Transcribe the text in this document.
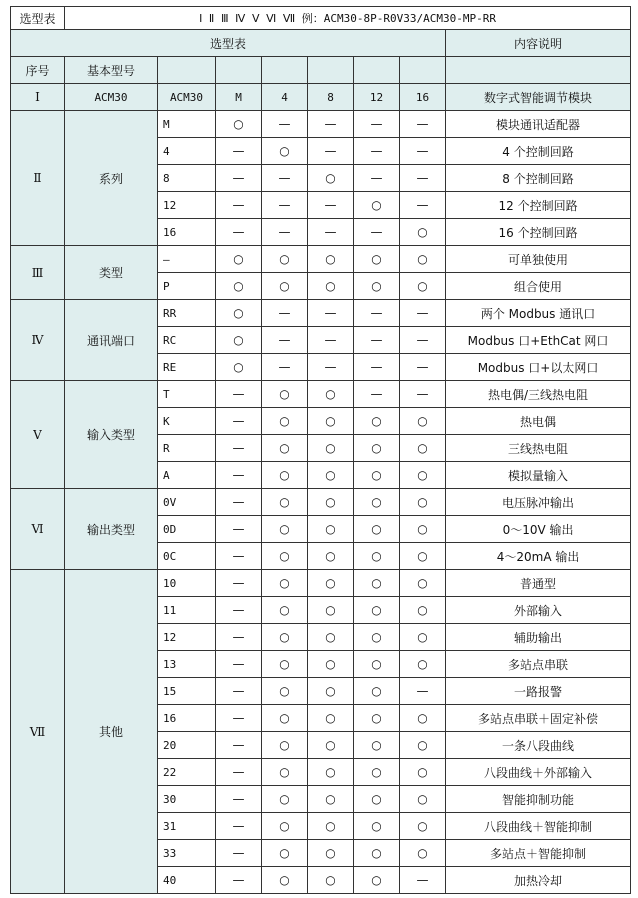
选型表	Ⅰ Ⅱ Ⅲ Ⅳ Ⅴ Ⅵ Ⅶ 例：ACM30-8P-R0V33/ACM30-MP-RR							
选型表								内容说明
序号	基本型号							
Ⅰ	ACM30	ACM30	M	4	8	12	16	数字式智能调节模块
Ⅱ	系列	M	○	—	—	—	—	模块通讯适配器
		4	—	○	—	—	—	4 个控制回路
		8	—	—	○	—	—	8 个控制回路
		12	—	—	—	○	—	12 个控制回路
		16	—	—	—	—	○	16 个控制回路
Ⅲ	类型	—	○	○	○	○	○	可单独使用
		P	○	○	○	○	○	组合使用
Ⅳ	通讯端口	RR	○	—	—	—	—	两个 Modbus 通讯口
		RC	○	—	—	—	—	Modbus 口+EthCat 网口
		RE	○	—	—	—	—	Modbus 口+以太网口
Ⅴ	输入类型	T	—	○	○	—	—	热电偶/三线热电阻
		K	—	○	○	○	○	热电偶
		R	—	○	○	○	○	三线热电阻
		A	—	○	○	○	○	模拟量输入
Ⅵ	输出类型	0V	—	○	○	○	○	电压脉冲输出
		0D	—	○	○	○	○	0～10V 输出
		0C	—	○	○	○	○	4～20mA 输出
Ⅶ	其他	10	—	○	○	○	○	普通型
		11	—	○	○	○	○	外部输入
		12	—	○	○	○	○	辅助输出
		13	—	○	○	○	○	多站点串联
		15	—	○	○	○	—	一路报警
		16	—	○	○	○	○	多站点串联＋固定补偿
		20	—	○	○	○	○	一条八段曲线
		22	—	○	○	○	○	八段曲线＋外部输入
		30	—	○	○	○	○	智能抑制功能
		31	—	○	○	○	○	八段曲线＋智能抑制
		33	—	○	○	○	○	多站点＋智能抑制
		40	—	○	○	○	—	加热冷却
